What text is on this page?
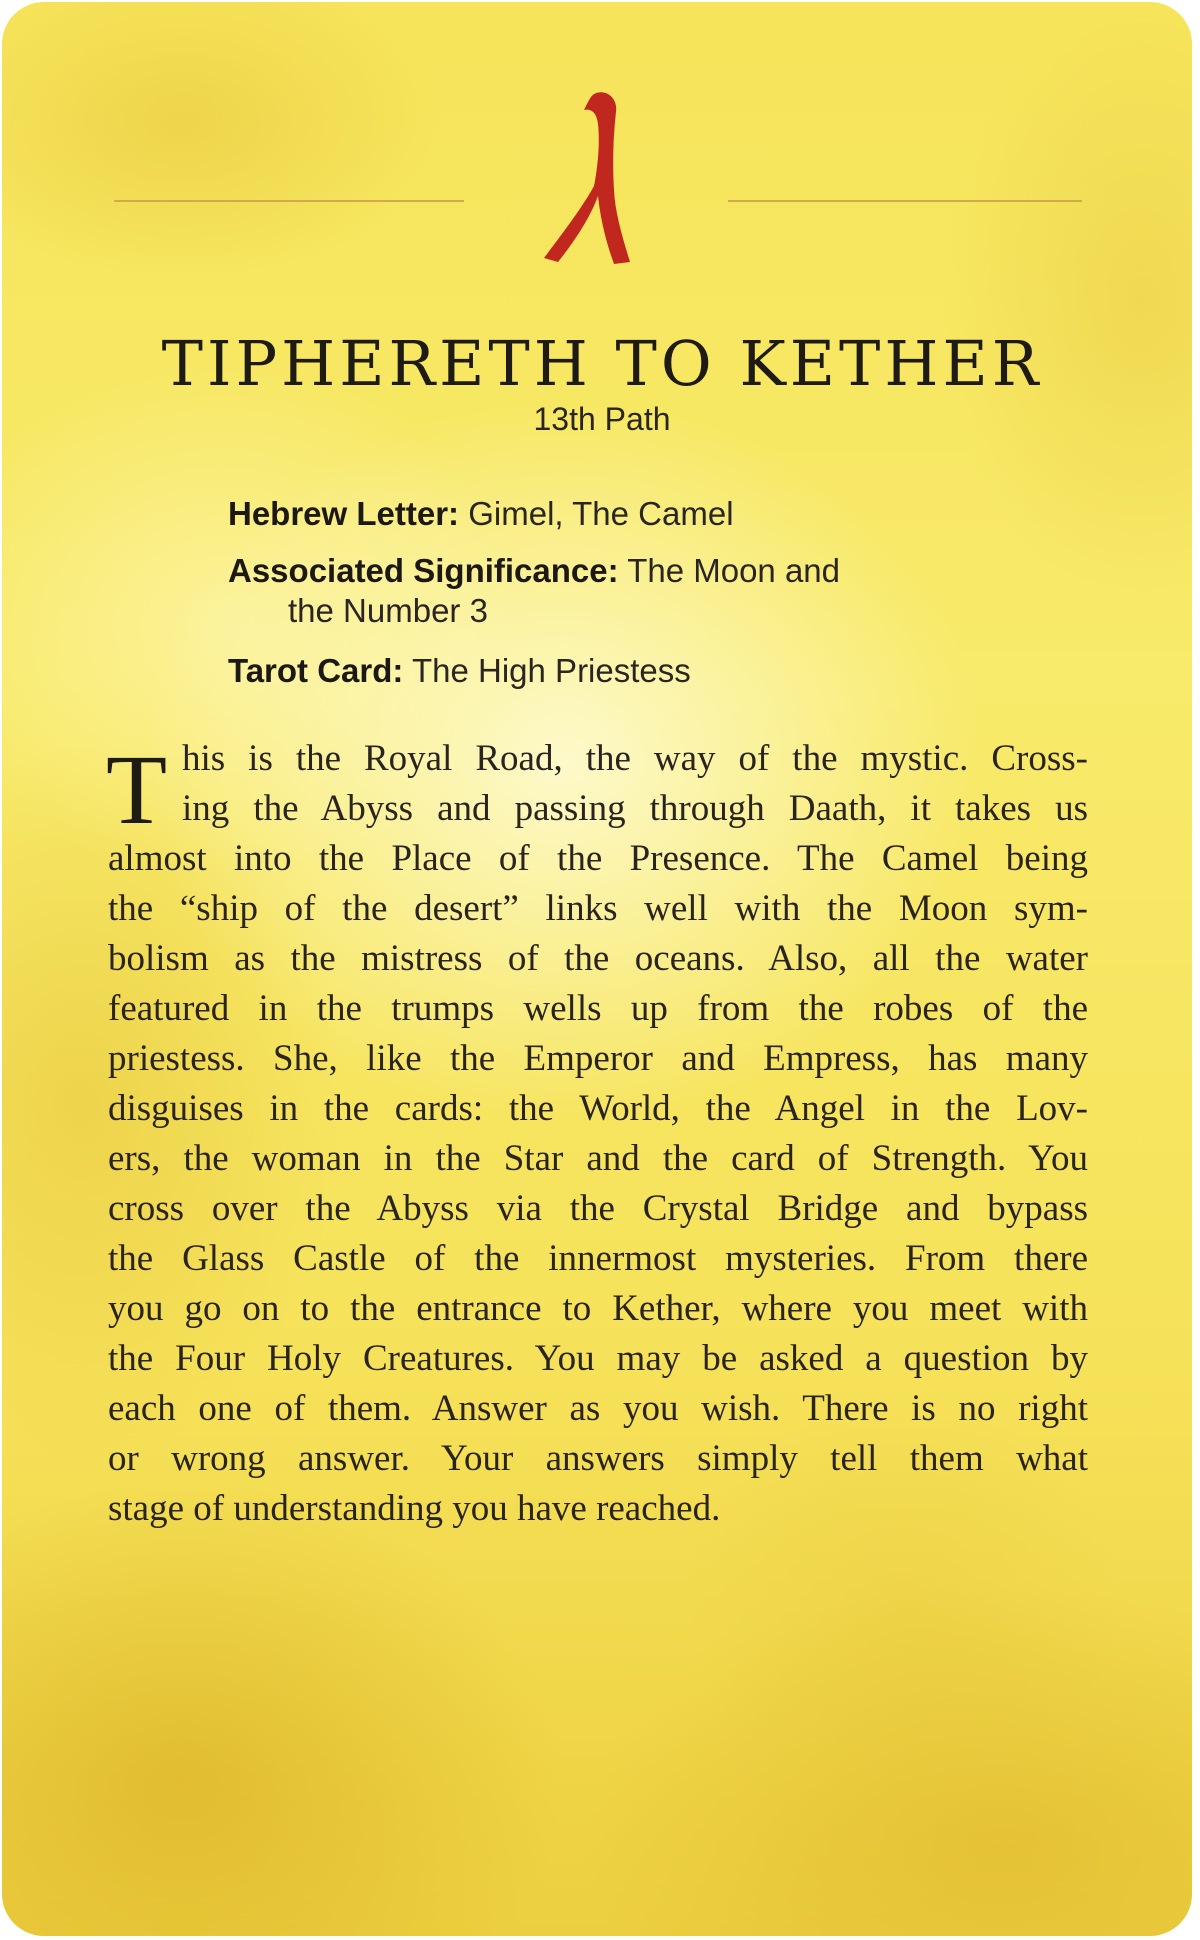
TIPHERETH TO KETHER
13th Path
Hebrew Letter: Gimel, The Camel
Associated Significance: The Moon and
the Number 3
Tarot Card: The High Priestess
T his is the Royal Road, the way of the mystic. Cross-
ing the Abyss and passing through Daath, it takes us
almost into the Place of the Presence. The Camel being
the “ship of the desert” links well with the Moon sym-
bolism as the mistress of the oceans. Also, all the water
featured in the trumps wells up from the robes of the
priestess. She, like the Emperor and Empress, has many
disguises in the cards: the World, the Angel in the Lov-
ers, the woman in the Star and the card of Strength. You
cross over the Abyss via the Crystal Bridge and bypass
the Glass Castle of the innermost mysteries. From there
you go on to the entrance to Kether, where you meet with
the Four Holy Creatures. You may be asked a question by
each one of them. Answer as you wish. There is no right
or wrong answer. Your answers simply tell them what
stage of understanding you have reached.
